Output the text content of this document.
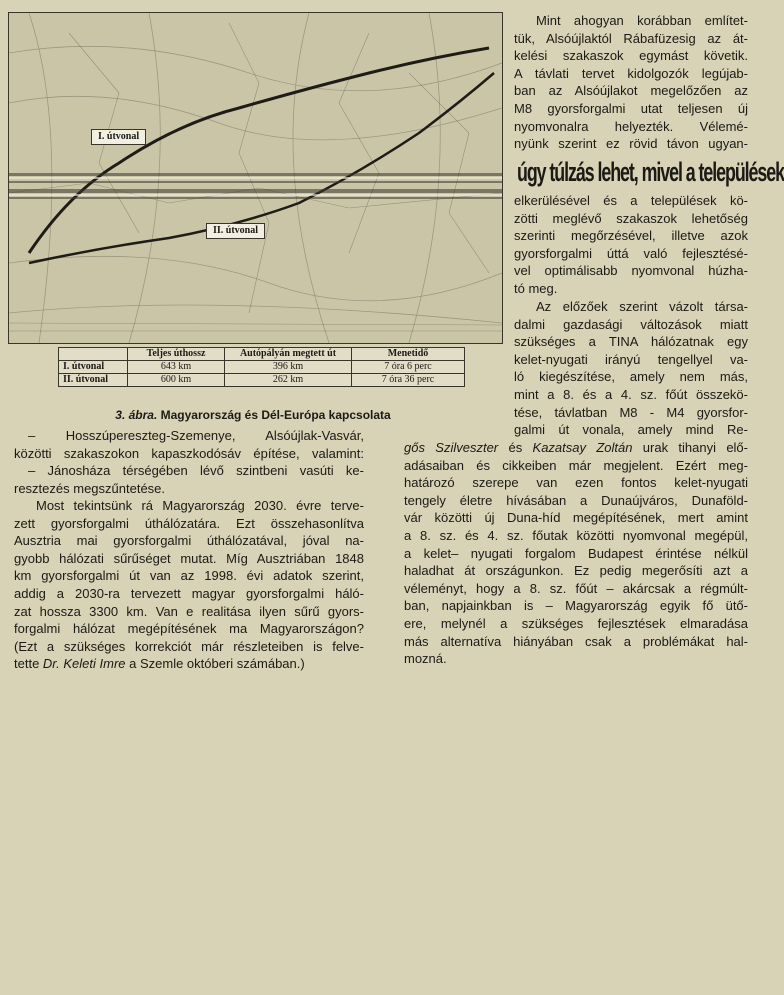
I. útvonal
II. útvonal
	Teljes úthossz	Autópályán megtett út	Menetidő
I. útvonal	643 km	396 km	7 óra 6 perc
II. útvonal	600 km	262 km	7 óra 36 perc
3. ábra. Magyarország és Dél-Európa kapcsolata
Mint ahogyan korábban említet-
tük, Alsóújlaktól Rábafüzesig az át-
kelési szakaszok egymást követik.
A távlati tervet kidolgozók legújab-
ban az Alsóújlakot megelőzően az
M8 gyorsforgalmi utat teljesen új
nyomvonalra helyezték. Vélemé-
nyünk szerint ez rövid távon ugyan-
úgy túlzás lehet, mivel a települések
elkerülésével és a települések kö-
zötti meglévő szakaszok lehetőség
szerinti megőrzésével, illetve azok
gyorsforgalmi úttá való fejlesztésé-
vel optimálisabb nyomvonal húzha-
tó meg.
Az előzőek szerint vázolt társa-
dalmi gazdasági változások miatt
szükséges a TINA hálózatnak egy
kelet-nyugati irányú tengellyel va-
ló kiegészítése, amely nem más,
mint a 8. és a 4. sz. főút összekö-
tése, távlatban M8 - M4 gyorsfor-
galmi út vonala, amely mind Re-
gős Szilveszter és Kazatsay Zoltán urak tihanyi elő-
adásaiban és cikkeiben már megjelent. Ezért meg-
határozó szerepe van ezen fontos kelet-nyugati
tengely életre hívásában a Dunaújváros, Dunaföld-
vár közötti új Duna-híd megépítésének, mert amint
a 8. sz. és 4. sz. főutak közötti nyomvonal megépül,
a kelet– nyugati forgalom Budapest érintése nélkül
haladhat át országunkon. Ez pedig megerősíti azt a
véleményt, hogy a 8. sz. főút – akárcsak a régmúlt-
ban, napjainkban is – Magyarország egyik fő ütő-
ere, melynél a szükséges fejlesztések elmaradása
más alternatíva hiányában csak a problémákat hal-
mozná.
– Hosszúpereszteg-Szemenye, Alsóújlak-Vasvár,
közötti szakaszokon kapaszkodósáv építése, valamint:
– Jánosháza térségében lévő szintbeni vasúti ke-
resztezés megszűntetése.
Most tekintsünk rá Magyarország 2030. évre terve-
zett gyorsforgalmi úthálózatára. Ezt összehasonlítva
Ausztria mai gyorsforgalmi úthálózatával, jóval na-
gyobb hálózati sűrűséget mutat. Míg Ausztriában 1848
km gyorsforgalmi út van az 1998. évi adatok szerint,
addig a 2030-ra tervezett magyar gyorsforgalmi háló-
zat hossza 3300 km. Van e realitása ilyen sűrű gyors-
forgalmi hálózat megépítésének ma Magyarországon?
(Ezt a szükséges korrekciót már részleteiben is felve-
tette Dr. Keleti Imre a Szemle októberi számában.)
